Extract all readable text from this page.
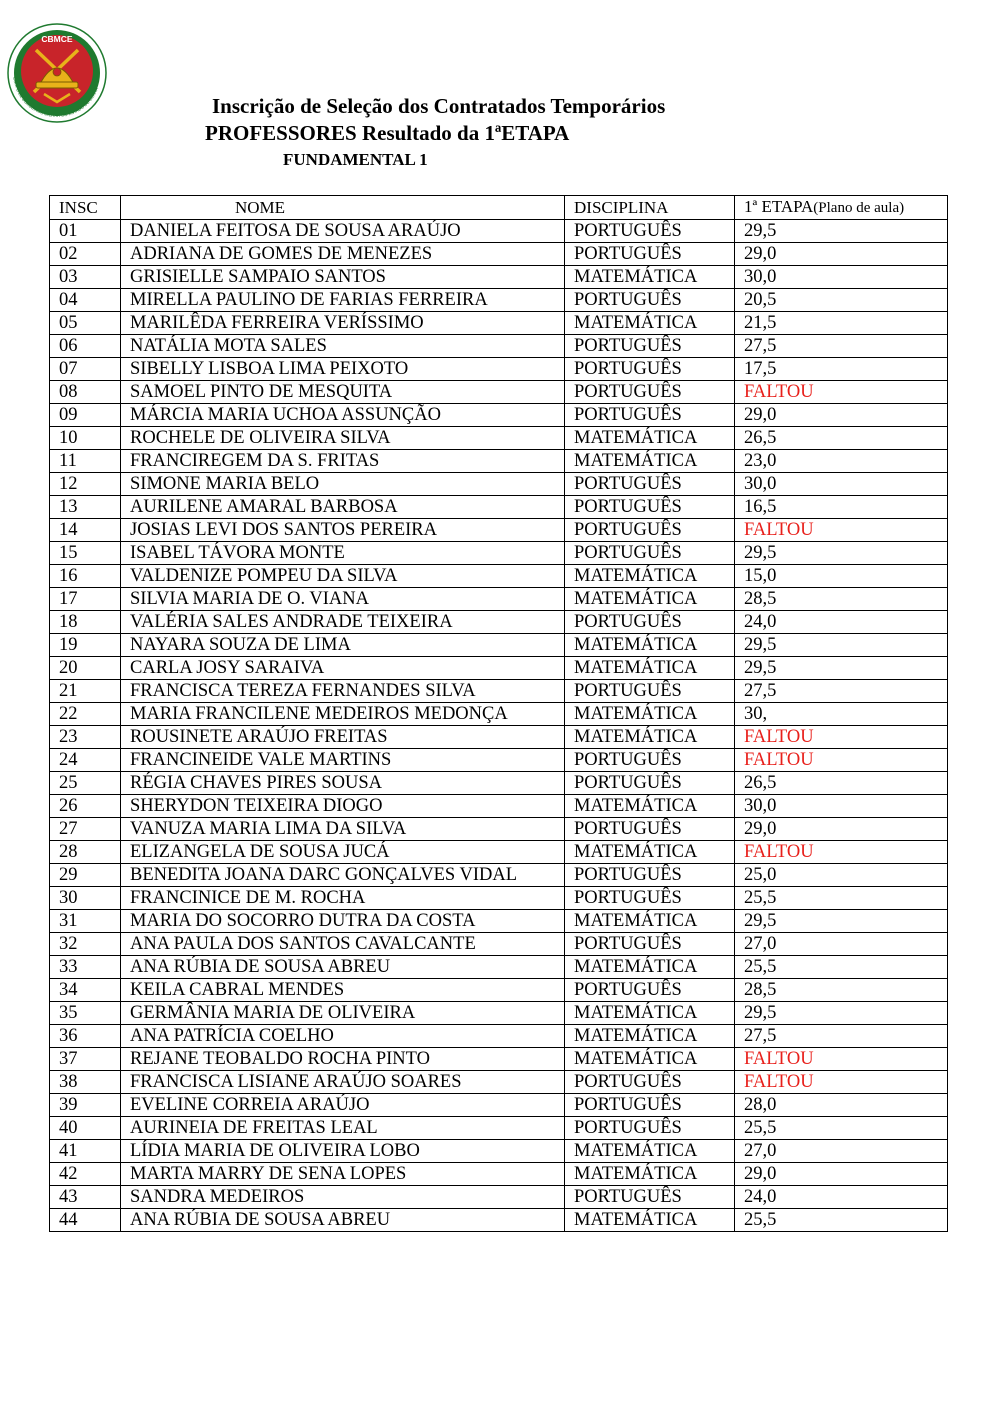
CORPO DE BOMBEIROS MILITAR DO ESTADO DO CEARÁ
CBMCE
Inscrição de Seleção dos Contratados Temporários
PROFESSORES Resultado da 1ªETAPA
FUNDAMENTAL 1
INSC	NOME	DISCIPLINA	1ª ETAPA(Plano de aula)
01	DANIELA FEITOSA DE SOUSA ARAÚJO	PORTUGUÊS	29,5
02	ADRIANA DE GOMES DE MENEZES	PORTUGUÊS	29,0
03	GRISIELLE SAMPAIO SANTOS	MATEMÁTICA	30,0
04	MIRELLA PAULINO DE FARIAS FERREIRA	PORTUGUÊS	20,5
05	MARILÊDA FERREIRA VERÍSSIMO	MATEMÁTICA	21,5
06	NATÁLIA MOTA SALES	PORTUGUÊS	27,5
07	SIBELLY LISBOA LIMA PEIXOTO	PORTUGUÊS	17,5
08	SAMOEL PINTO DE MESQUITA	PORTUGUÊS	FALTOU
09	MÁRCIA MARIA UCHOA ASSUNÇÃO	PORTUGUÊS	29,0
10	ROCHELE DE OLIVEIRA SILVA	MATEMÁTICA	26,5
11	FRANCIREGEM DA S. FRITAS	MATEMÁTICA	23,0
12	SIMONE MARIA BELO	PORTUGUÊS	30,0
13	AURILENE AMARAL BARBOSA	PORTUGUÊS	16,5
14	JOSIAS LEVI DOS SANTOS PEREIRA	PORTUGUÊS	FALTOU
15	ISABEL TÁVORA MONTE	PORTUGUÊS	29,5
16	VALDENIZE POMPEU DA SILVA	MATEMÁTICA	15,0
17	SILVIA MARIA DE O. VIANA	MATEMÁTICA	28,5
18	VALÉRIA SALES ANDRADE TEIXEIRA	PORTUGUÊS	24,0
19	NAYARA SOUZA DE LIMA	MATEMÁTICA	29,5
20	CARLA JOSY SARAIVA	MATEMÁTICA	29,5
21	FRANCISCA TEREZA FERNANDES SILVA	PORTUGUÊS	27,5
22	MARIA FRANCILENE MEDEIROS MEDONÇA	MATEMÁTICA	30,
23	ROUSINETE ARAÚJO FREITAS	MATEMÁTICA	FALTOU
24	FRANCINEIDE VALE MARTINS	PORTUGUÊS	FALTOU
25	RÉGIA CHAVES PIRES SOUSA	PORTUGUÊS	26,5
26	SHERYDON TEIXEIRA DIOGO	MATEMÁTICA	30,0
27	VANUZA MARIA LIMA DA SILVA	PORTUGUÊS	29,0
28	ELIZANGELA DE SOUSA JUCÁ	MATEMÁTICA	FALTOU
29	BENEDITA JOANA DARC GONÇALVES VIDAL	PORTUGUÊS	25,0
30	FRANCINICE DE M. ROCHA	PORTUGUÊS	25,5
31	MARIA DO SOCORRO DUTRA DA COSTA	MATEMÁTICA	29,5
32	ANA PAULA DOS SANTOS CAVALCANTE	PORTUGUÊS	27,0
33	ANA RÚBIA DE SOUSA ABREU	MATEMÁTICA	25,5
34	KEILA CABRAL MENDES	PORTUGUÊS	28,5
35	GERMÂNIA MARIA DE OLIVEIRA	MATEMÁTICA	29,5
36	ANA PATRÍCIA COELHO	MATEMÁTICA	27,5
37	REJANE TEOBALDO ROCHA PINTO	MATEMÁTICA	FALTOU
38	FRANCISCA LISIANE ARAÚJO SOARES	PORTUGUÊS	FALTOU
39	EVELINE CORREIA ARAÚJO	PORTUGUÊS	28,0
40	AURINEIA DE FREITAS LEAL	PORTUGUÊS	25,5
41	LÍDIA MARIA DE OLIVEIRA LOBO	MATEMÁTICA	27,0
42	MARTA MARRY DE SENA LOPES	MATEMÁTICA	29,0
43	SANDRA MEDEIROS	PORTUGUÊS	24,0
44	ANA RÚBIA DE SOUSA ABREU	MATEMÁTICA	25,5
